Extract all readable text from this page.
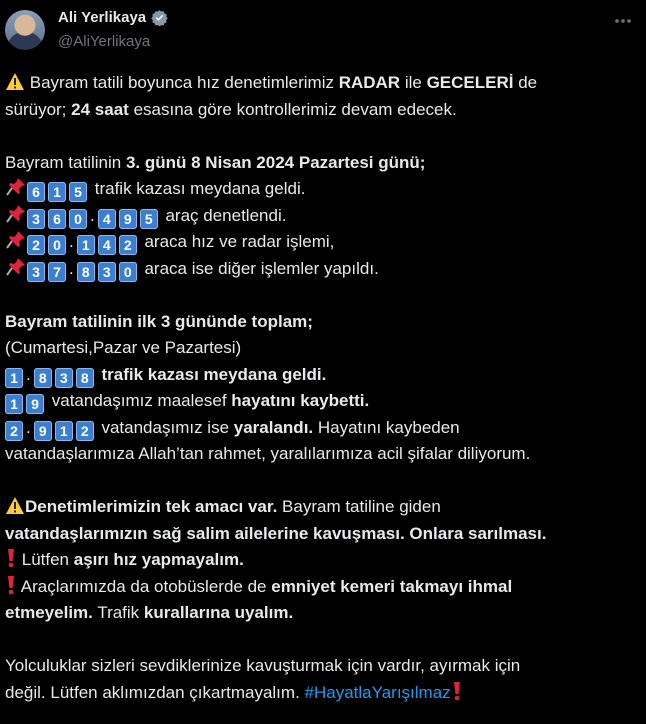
Ali Yerlikaya
@AliYerlikaya
Bayram tatili boyunca hız denetimlerimiz RADAR ile GECELERİ de
sürüyor; 24 saat esasına göre kontrollerimiz devam edecek.
Bayram tatilinin 3. günü 8 Nisan 2024 Pazartesi günü;
6 1 5 trafik kazası meydana geldi.
3 6 0 . 4 9 5 araç denetlendi.
2 0 . 1 4 2 araca hız ve radar işlemi,
3 7 . 8 3 0 araca ise diğer işlemler yapıldı.
Bayram tatilinin ilk 3 gününde toplam;
(Cumartesi,Pazar ve Pazartesi)
1 . 8 3 8 trafik kazası meydana geldi.
1 9 vatandaşımız maalesef hayatını kaybetti.
2 . 9 1 2 vatandaşımız ise yaralandı. Hayatını kaybeden
vatandaşlarımıza Allah’tan rahmet, yaralılarımıza acil şifalar diliyorum.
Denetimlerimizin tek amacı var. Bayram tatiline giden
vatandaşlarımızın sağ salim ailelerine kavuşması. Onlara sarılması.
Lütfen aşırı hız yapmayalım.
Araçlarımızda da otobüslerde de emniyet kemeri takmayı ihmal
etmeyelim. Trafik kurallarına uyalım.
Yolculuklar sizleri sevdiklerinize kavuşturmak için vardır, ayırmak için
değil. Lütfen aklımızdan çıkartmayalım. #HayatlaYarışılmaz
